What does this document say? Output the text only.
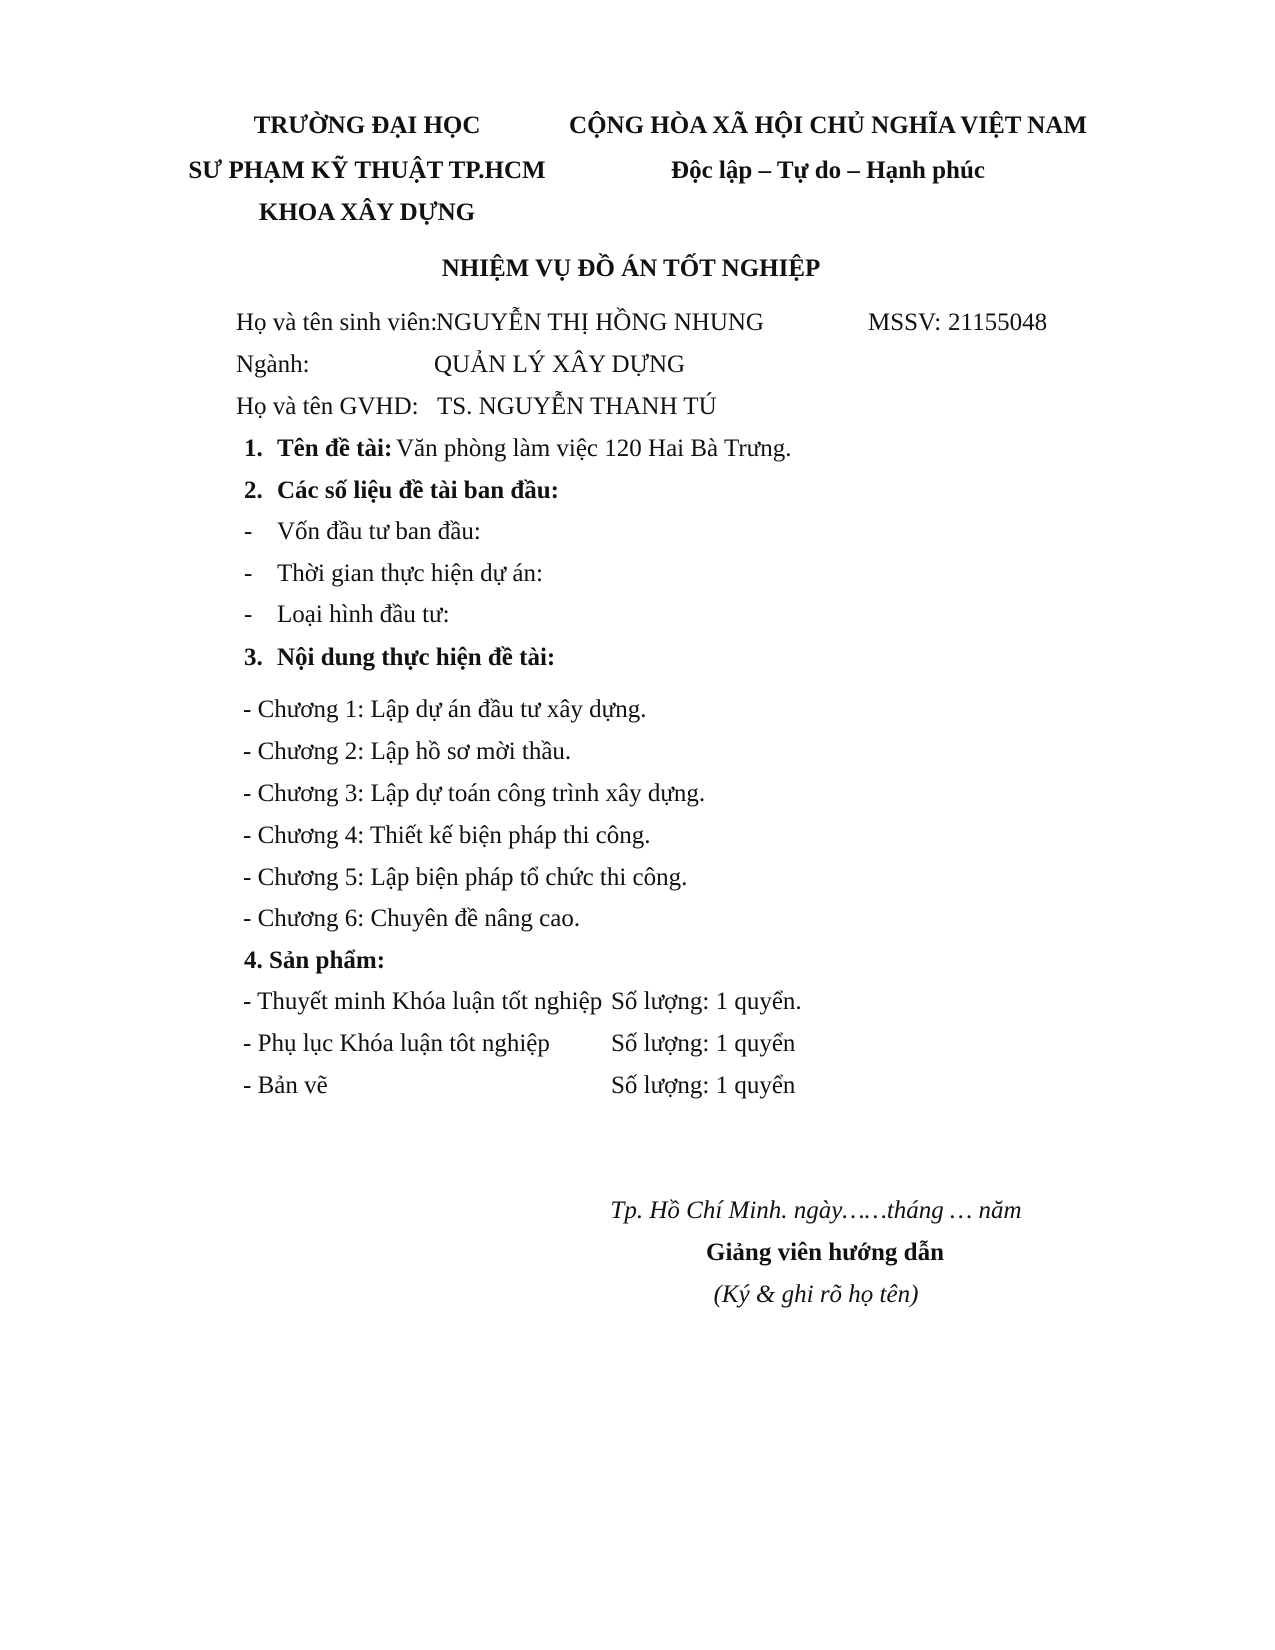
TRƯỜNG ĐẠI HỌC
SƯ PHẠM KỸ THUẬT TP.HCM
KHOA XÂY DỰNG
CỘNG HÒA XÃ HỘI CHỦ NGHĨA VIỆT NAM
Độc lập – Tự do – Hạnh phúc
NHIỆM VỤ ĐỒ ÁN TỐT NGHIỆP
Họ và tên sinh viên:
NGUYỄN THỊ HỒNG NHUNG	MSSV: 21155048
Ngành:	QUẢN LÝ XÂY DỰNG
Họ và tên GVHD: TS. NGUYỄN THANH TÚ
1. Tên đề tài: Văn phòng làm việc 120 Hai Bà Trưng.
2. Các số liệu đề tài ban đầu:
- Vốn đầu tư ban đầu:
- Thời gian thực hiện dự án:
- Loại hình đầu tư:
3. Nội dung thực hiện đề tài:
- Chương 1: Lập dự án đầu tư xây dựng.
- Chương 2: Lập hồ sơ mời thầu.
- Chương 3: Lập dự toán công trình xây dựng.
- Chương 4: Thiết kế biện pháp thi công.
- Chương 5: Lập biện pháp tổ chức thi công.
- Chương 6: Chuyên đề nâng cao.
4. Sản phẩm:
- Thuyết minh Khóa luận tốt nghiệp Số lượng: 1 quyển.
- Phụ lục Khóa luận tôt nghiệp Số lượng: 1 quyển
- Bản vẽ	Số lượng: 1 quyển
Tp. Hồ Chí Minh. ngày……tháng … năm
Giảng viên hướng dẫn
(Ký & ghi rõ họ tên)
